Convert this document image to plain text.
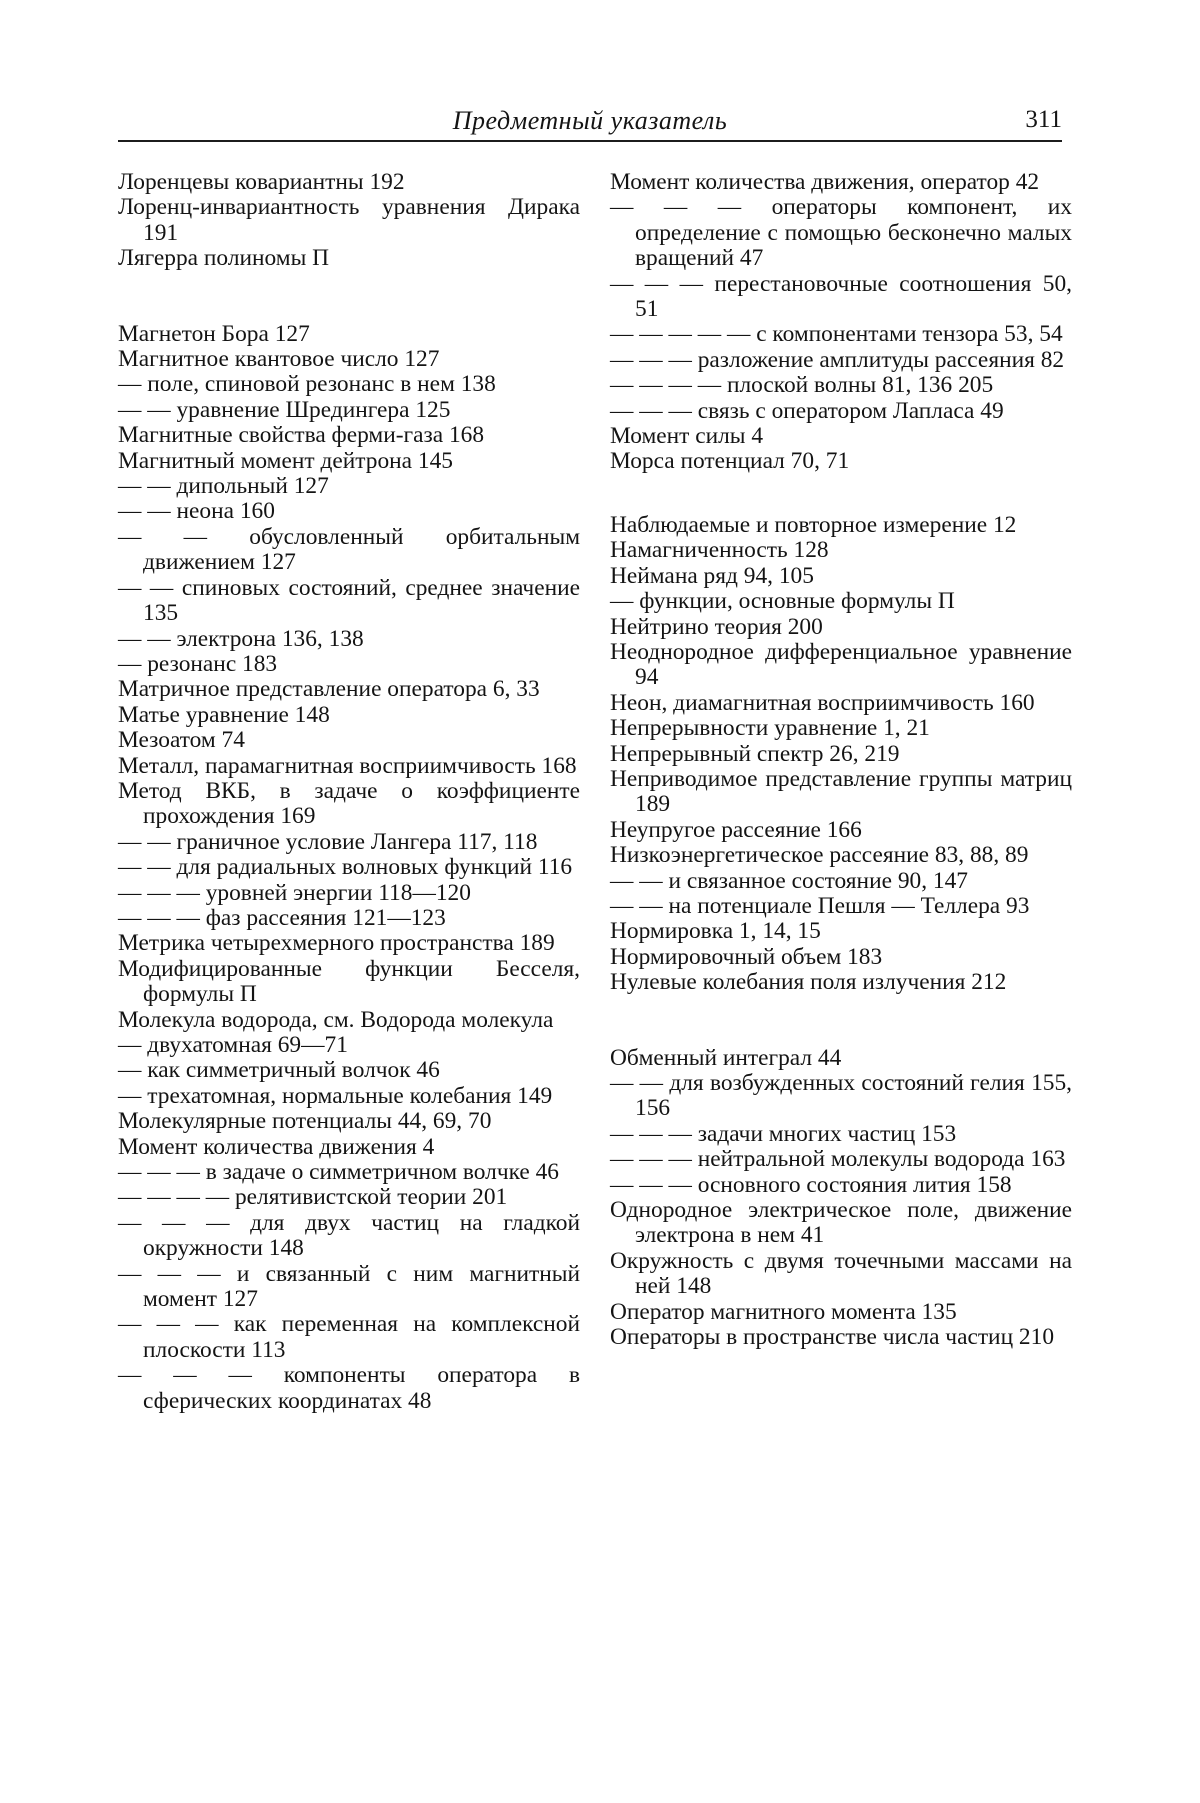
Предметный указатель	311

Лоренцевы ковариантны 192

Лоренц-инвариантность уравнения Дирака 191

Лягерра полиномы П

Магнетон Бора 127

Магнитное квантовое число 127

— поле, спиновой резонанс в нем 138

— — уравнение Шредингера 125

Магнитные свойства ферми-газа 168

Магнитный момент дейтрона 145

— — дипольный 127

— — неона 160

— — обусловленный орбитальным движением 127

— — спиновых состояний, среднее значение 135

— — электрона 136, 138

— резонанс 183

Матричное представление оператора 6, 33

Матье уравнение 148

Мезоатом 74

Металл, парамагнитная восприимчивость 168

Метод ВКБ, в задаче о коэффициенте прохождения 169

— — граничное условие Лангера 117, 118

— — для радиальных волновых функций 116

— — — уровней энергии 118—120

— — — фаз рассеяния 121—123

Метрика четырехмерного пространства 189

Модифицированные функции Бесселя, формулы П

Молекула водорода, см. Водорода молекула

— двухатомная 69—71

— как симметричный волчок 46

— трехатомная, нормальные колебания 149

Молекулярные потенциалы 44, 69, 70

Момент количества движения 4

— — — в задаче о симметричном волчке 46

— — — — релятивистской теории 201

— — — для двух частиц на гладкой окружности 148

— — — и связанный с ним магнитный момент 127

— — — как переменная на комплексной плоскости 113

— — — компоненты оператора в сферических координатах 48

Момент количества движения, оператор 42

— — — операторы компонент, их определение с помощью бесконечно малых вращений 47

— — — перестановочные соотношения 50, 51

— — — — — с компонентами тензора 53, 54

— — — разложение амплитуды рассеяния 82

— — — — плоской волны 81, 136 205

— — — связь с оператором Лапласа 49

Момент силы 4

Морса потенциал 70, 71

Наблюдаемые и повторное измерение 12

Намагниченность 128

Неймана ряд 94, 105

— функции, основные формулы П

Нейтрино теория 200

Неоднородное дифференциальное уравнение 94

Неон, диамагнитная восприимчивость 160

Непрерывности уравнение 1, 21

Непрерывный спектр 26, 219

Неприводимое представление группы матриц 189

Неупругое рассеяние 166

Низкоэнергетическое рассеяние 83, 88, 89

— — и связанное состояние 90, 147

— — на потенциале Пешля — Теллера 93

Нормировка 1, 14, 15

Нормировочный объем 183

Нулевые колебания поля излучения 212

Обменный интеграл 44

— — для возбужденных состояний гелия 155, 156

— — — задачи многих частиц 153

— — — нейтральной молекулы водорода 163

— — — основного состояния лития 158

Однородное электрическое поле, движение электрона в нем 41

Окружность с двумя точечными массами на ней 148

Оператор магнитного момента 135

Операторы в пространстве числа частиц 210
